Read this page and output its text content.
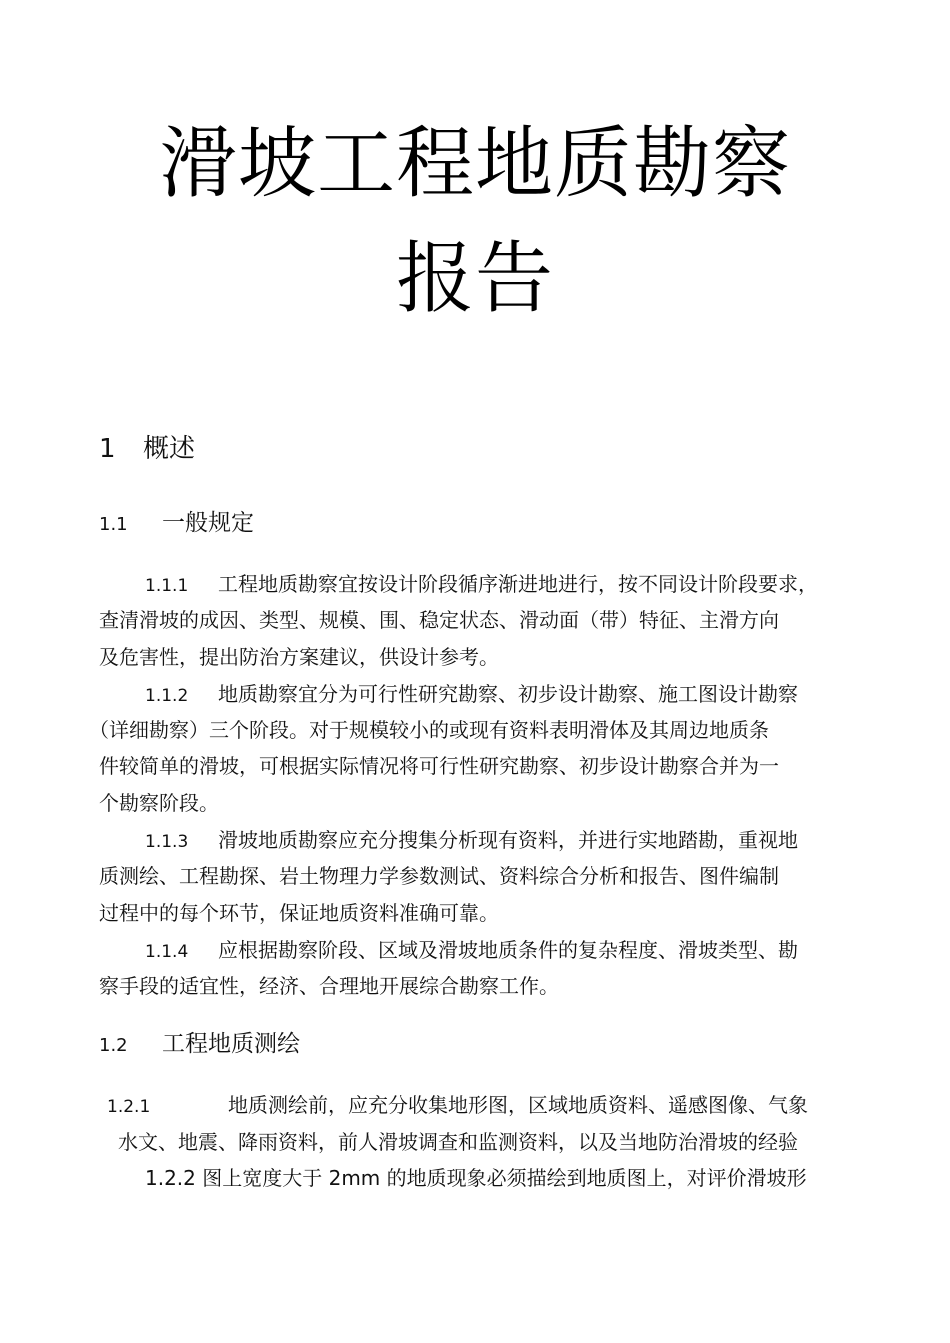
滑坡工程地质勘察
报告
1 概述
1.1 一般规定
1.1.1 工程地质勘察宜按设计阶段循序渐进地进行，按不同设计阶段要求，
查清滑坡的成因、类型、规模、围、稳定状态、滑动面（带）特征、主滑方向
及危害性，提出防治方案建议，供设计参考。
1.1.2 地质勘察宜分为可行性研究勘察、初步设计勘察、施工图设计勘察
（详细勘察）三个阶段。对于规模较小的或现有资料表明滑体及其周边地质条
件较简单的滑坡，可根据实际情况将可行性研究勘察、初步设计勘察合并为一
个勘察阶段。
1.1.3 滑坡地质勘察应充分搜集分析现有资料，并进行实地踏勘，重视地
质测绘、工程勘探、岩土物理力学参数测试、资料综合分析和报告、图件编制
过程中的每个环节，保证地质资料准确可靠。
1.1.4 应根据勘察阶段、区域及滑坡地质条件的复杂程度、滑坡类型、勘
察手段的适宜性，经济、合理地开展综合勘察工作。
1.2 工程地质测绘
1.2.1	地质测绘前，应充分收集地形图，区域地质资料、遥感图像、气象
水文、地震、降雨资料，前人滑坡调查和监测资料，以及当地防治滑坡的经验
1.2.2 图上宽度大于 2mm 的地质现象必须描绘到地质图上，对评价滑坡形
